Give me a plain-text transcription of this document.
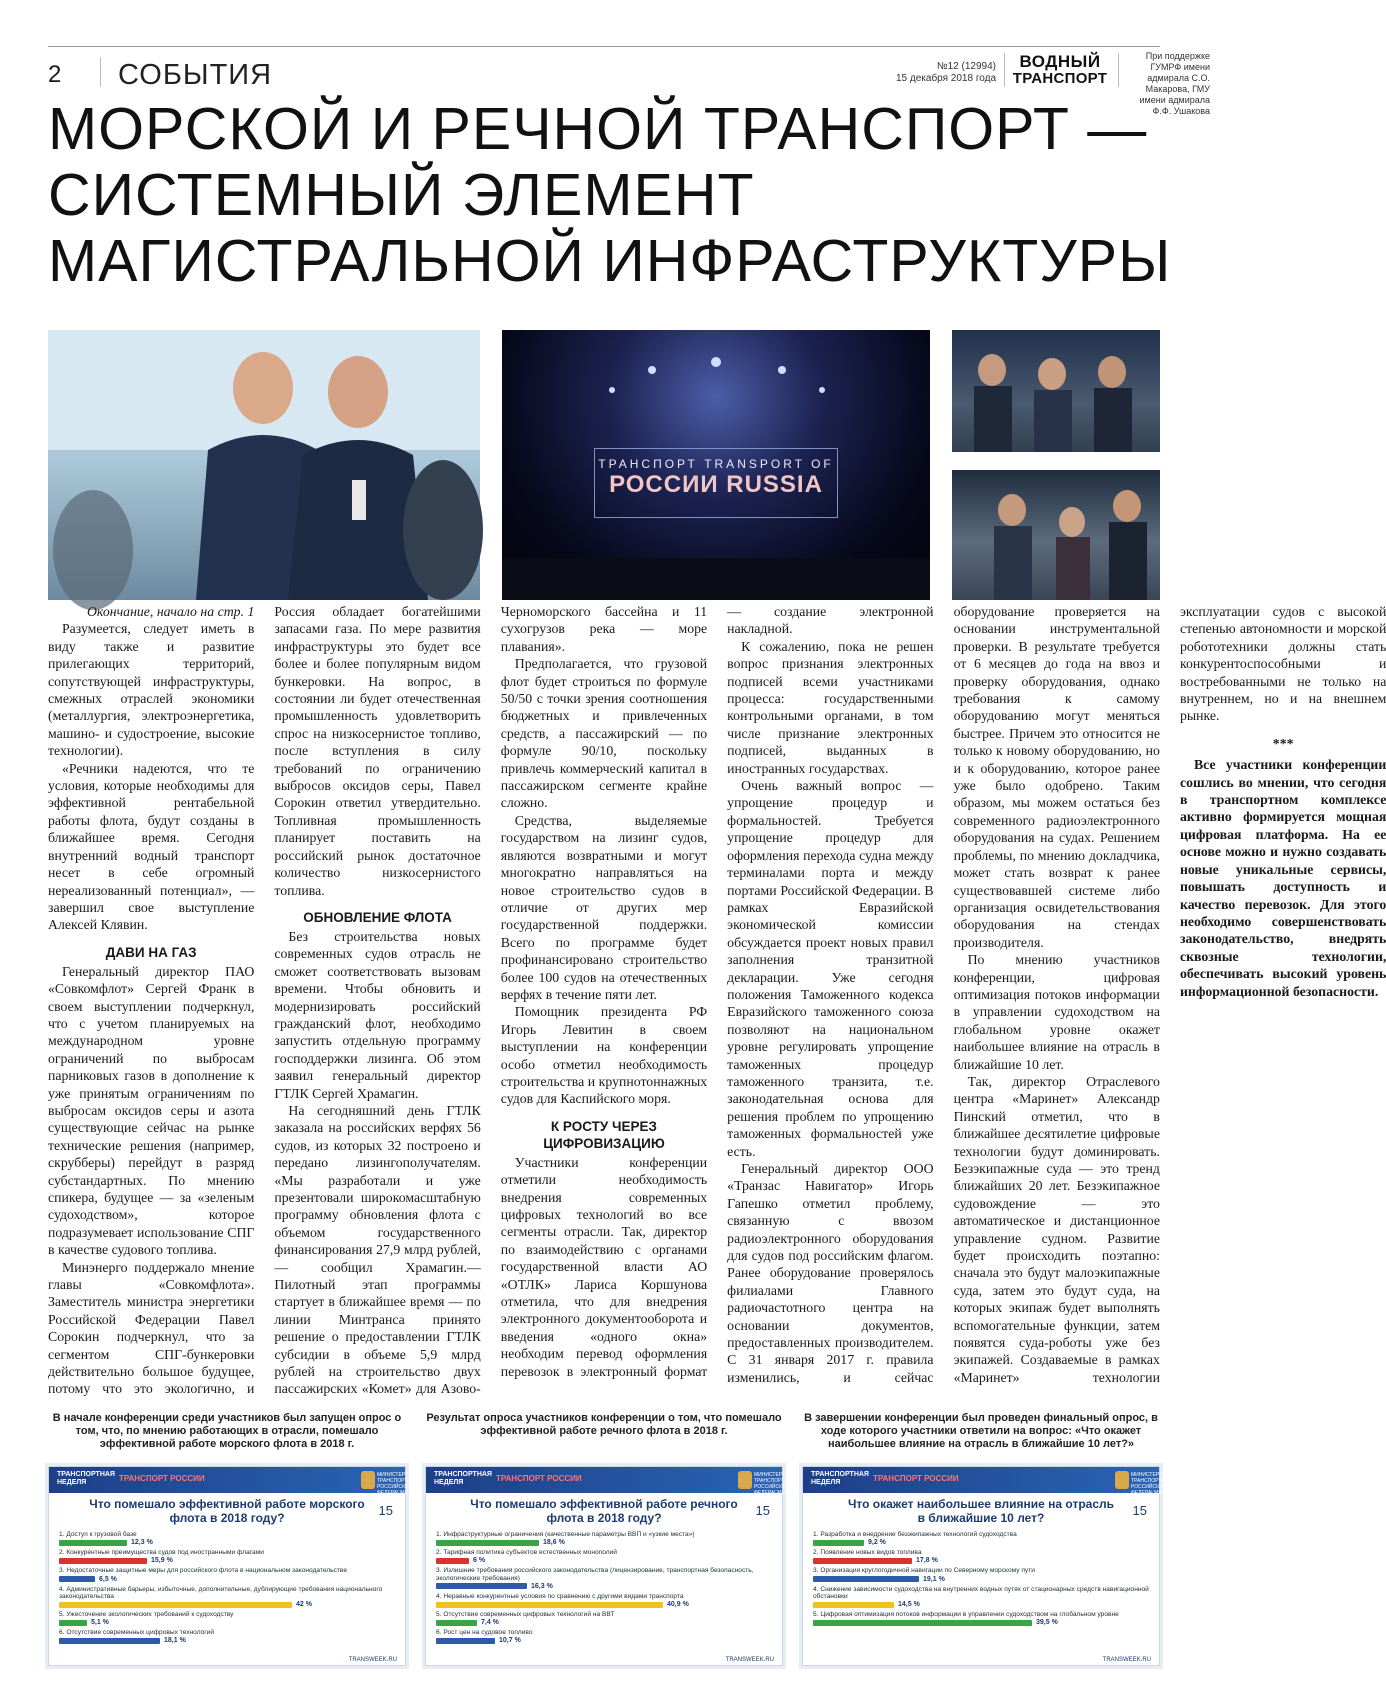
2 СОБЫТИЯ	№12 (12994)
15 декабря 2018 года
ВОДНЫЙ
ТРАНСПОРТ
При поддержке ГУМРФ имени адмирала С.О. Макарова, ГМУ имени адмирала Ф.Ф. Ушакова
МОРСКОЙ И РЕЧНОЙ ТРАНСПОРТ —
СИСТЕМНЫЙ ЭЛЕМЕНТ
МАГИСТРАЛЬНОЙ ИНФРАСТРУКТУРЫ
ТРАНСПОРТ TRANSPORT OF
РОССИИ RUSSIA

Окончание, начало на стр. 1

Разумеется, следует иметь в виду также и развитие прилегающих территорий, сопутствующей инфраструктуры, смежных отраслей экономики (металлургия, электроэнергетика, машино- и судостроение, высокие технологии).

«Речники надеются, что те условия, которые необходимы для эффективной рентабельной работы флота, будут созданы в ближайшее время. Сегодня внутренний водный транспорт несет в себе огромный нереализованный потенциал», — завершил свое выступление Алексей Клявин.

ДАВИ НА ГАЗ

Генеральный директор ПАО «Совкомфлот» Сергей Франк в своем выступлении подчеркнул, что с учетом планируемых на международном уровне ограничений по выбросам парниковых газов в дополнение к уже принятым ограничениям по выбросам оксидов серы и азота существующие сейчас на рынке технические решения (например, скрубберы) перейдут в разряд субстандартных. По мнению спикера, будущее — за «зеленым судоходством», которое подразумевает использование СПГ в качестве судового топлива.

Минэнерго поддержало мнение главы «Совкомфлота». Заместитель министра энергетики Российской Федерации Павел Сорокин подчеркнул, что за сегментом СПГ-бункеровки действительно большое будущее, потому что это экологично, и Россия обладает богатейшими запасами газа. По мере развития инфраструктуры это будет все более и более популярным видом бункеровки. На вопрос, в состоянии ли будет отечественная промышленность удовлетворить спрос на низкосернистое топливо, после вступления в силу требований по ограничению выбросов оксидов серы, Павел Сорокин ответил утвердительно. Топливная промышленность планирует поставить на российский рынок достаточное количество низкосернистого топлива.

ОБНОВЛЕНИЕ ФЛОТА

Без строительства новых современных судов отрасль не сможет соответствовать вызовам времени. Чтобы обновить и модернизировать российский гражданский флот, необходимо запустить отдельную программу господдержки лизинга. Об этом заявил генеральный директор ГТЛК Сергей Храмагин.

На сегодняшний день ГТЛК заказала на российских верфях 56 судов, из которых 32 построено и передано лизингополучателям. «Мы разработали и уже презентовали широкомасштабную программу обновления флота с объемом государственного финансирования 27,9 млрд рублей, — сообщил Храмагин.— Пилотный этап программы стартует в ближайшее время — по линии Минтранса принято решение о предоставлении ГТЛК субсидии в объеме 5,9 млрд рублей на строительство двух пассажирских «Комет» для Азово-Черноморского бассейна и 11 сухогрузов река — море плавания».

Предполагается, что грузовой флот будет строиться по формуле 50/50 с точки зрения соотношения бюджетных и привлеченных средств, а пассажирский — по формуле 90/10, поскольку привлечь коммерческий капитал в пассажирском сегменте крайне сложно.

Средства, выделяемые государством на лизинг судов, являются возвратными и могут многократно направляться на новое строительство судов в отличие от других мер государственной поддержки. Всего по программе будет профинансировано строительство более 100 судов на отечественных верфях в течение пяти лет.

Помощник президента РФ Игорь Левитин в своем выступлении на конференции особо отметил необходимость строительства и крупнотоннажных судов для Каспийского моря.

К РОСТУ ЧЕРЕЗ ЦИФРОВИЗАЦИЮ

Участники конференции отметили необходимость внедрения современных цифровых технологий во все сегменты отрасли. Так, директор по взаимодействию с органами государственной власти АО «ОТЛК» Лариса Коршунова отметила, что для внедрения электронного документооборота и введения «одного окна» необходим перевод оформления перевозок в электронный формат — создание электронной накладной.

К сожалению, пока не решен вопрос признания электронных подписей всеми участниками процесса: государственными контрольными органами, в том числе признание электронных подписей, выданных в иностранных государствах.

Очень важный вопрос — упрощение процедур и формальностей. Требуется упрощение процедур для оформления перехода судна между терминалами порта и между портами Российской Федерации. В рамках Евразийской экономической комиссии обсуждается проект новых правил заполнения транзитной декларации. Уже сегодня положения Таможенного кодекса Евразийского таможенного союза позволяют на национальном уровне регулировать упрощение таможенных процедур таможенного транзита, т.е. законодательная основа для решения проблем по упрощению таможенных формальностей уже есть.

Генеральный директор ООО «Транзас Навигатор» Игорь Гапешко отметил проблему, связанную с ввозом радиоэлектронного оборудования для судов под российским флагом. Ранее оборудование проверялось филиалами Главного радиочастотного центра на основании документов, предоставленных производителем. С 31 января 2017 г. правила изменились, и сейчас оборудование проверяется на основании инструментальной проверки. В результате требуется от 6 месяцев до года на ввоз и проверку оборудования, однако требования к самому оборудованию могут меняться быстрее. Причем это относится не только к новому оборудованию, но и к оборудованию, которое ранее уже было одобрено. Таким образом, мы можем остаться без современного радиоэлектронного оборудования на судах. Решением проблемы, по мнению докладчика, может стать возврат к ранее существовавшей системе либо организация освидетельствования оборудования на стендах производителя.

По мнению участников конференции, цифровая оптимизация потоков информации в управлении судоходством на глобальном уровне окажет наибольшее влияние на отрасль в ближайшие 10 лет.

Так, директор Отраслевого центра «Маринет» Александр Пинский отметил, что в ближайшее десятилетие цифровые технологии будут доминировать. Безэкипажные суда — это тренд ближайших 20 лет. Безэкипажное судовождение — это автоматическое и дистанционное управление судном. Развитие будет происходить поэтапно: сначала это будут малоэкипажные суда, затем это будут суда, на которых экипаж будет выполнять вспомогательные функции, затем появятся суда-роботы уже без экипажей. Создаваемые в рамках «Маринет» технологии эксплуатации судов с высокой степенью автономности и морской робототехники должны стать конкурентоспособными и востребованными не только на внутреннем, но и на внешнем рынке.

***

Все участники конференции сошлись во мнении, что сегодня в транспортном комплексе активно формируется мощная цифровая платформа. На ее основе можно и нужно создавать новые уникальные сервисы, повышать доступность и качество перевозок. Для этого необходимо совершенствовать законодательство, внедрять сквозные технологии, обеспечивать высокий уровень информационной безопасности.

В начале конференции среди участников был запущен опрос о том, что, по мнению работающих в отрасли, помешало эффективной работе морского флота в 2018 г.
ТРАНСПОРТНАЯ НЕДЕЛЯ	ТРАНСПОРТ РОССИИ	МИНИСТЕРСТВО ТРАНСПОРТА РОССИЙСКОЙ ФЕДЕРАЦИИ
Что помешало эффективной работе морского флота в 2018 году?	15
1. Доступ к грузовой базе
12,3 %
2. Конкурентные преимущества судов под иностранными флагами
15,9 %
3. Недостаточные защитные меры для российского флота в национальном законодательстве
6,5 %
4. Административные барьеры, избыточные, дополнительные, дублирующие требования национального законодательства
42 %
5. Ужесточение экологических требований к судоходству
5,1 %
6. Отсутствие современных цифровых технологий
18,1 %
TRANSWEEK.RU
Результат опроса участников конференции о том, что помешало эффективной работе речного флота в 2018 г.
ТРАНСПОРТНАЯ НЕДЕЛЯ	ТРАНСПОРТ РОССИИ	МИНИСТЕРСТВО ТРАНСПОРТА РОССИЙСКОЙ ФЕДЕРАЦИИ
Что помешало эффективной работе речного флота в 2018 году?	15
1. Инфраструктурные ограничения (качественные параметры ВВП и «узкие места»)
18,6 %
2. Тарифная политика субъектов естественных монополий
6 %
3. Излишние требования российского законодательства (лицензирование, транспортная безопасность, экологические требования)
16,3 %
4. Неравные конкурентные условия по сравнению с другими видами транспорта
40,9 %
5. Отсутствие современных цифровых технологий на ВВТ
7,4 %
6. Рост цен на судовое топливо
10,7 %
TRANSWEEK.RU
В завершении конференции был проведен финальный опрос, в ходе которого участники ответили на вопрос: «Что окажет наибольшее влияние на отрасль в ближайшие 10 лет?»
ТРАНСПОРТНАЯ НЕДЕЛЯ	ТРАНСПОРТ РОССИИ	МИНИСТЕРСТВО ТРАНСПОРТА РОССИЙСКОЙ ФЕДЕРАЦИИ
Что окажет наибольшее влияние на отрасль в ближайшие 10 лет?	15
1. Разработка и внедрение безэкипажных технологий судоходства
9,2 %
2. Появление новых видов топлива
17,8 %
3. Организация круглогодичной навигации по Северному морскому пути
19,1 %
4. Снижение зависимости судоходства на внутренних водных путях от стационарных средств навигационной обстановки
14,5 %
5. Цифровая оптимизация потоков информации в управлении судоходством на глобальном уровне
39,5 %
TRANSWEEK.RU
